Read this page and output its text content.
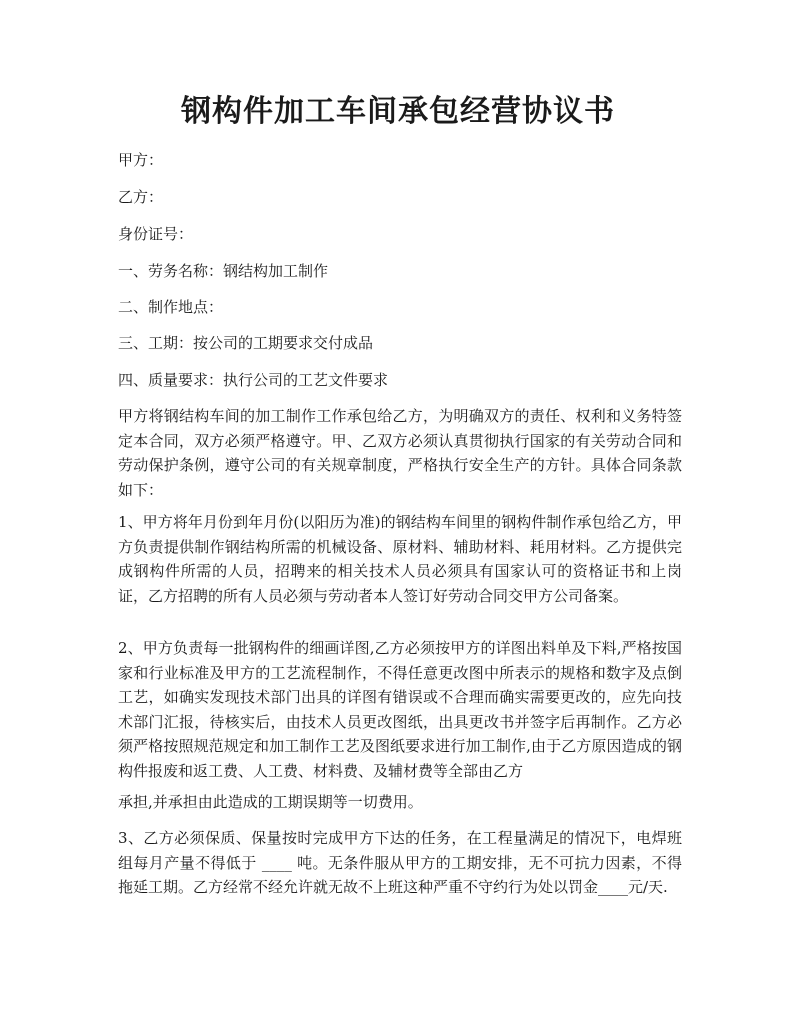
钢构件加工车间承包经营协议书

甲方：

乙方：

身份证号：

一、劳务名称：钢结构加工制作

二、制作地点：

三、工期：按公司的工期要求交付成品

四、质量要求：执行公司的工艺文件要求

甲方将钢结构车间的加工制作工作承包给乙方，为明确双方的责任、权利和义务特签定本合同，双方必须严格遵守。甲、乙双方必须认真贯彻执行国家的有关劳动合同和劳动保护条例，遵守公司的有关规章制度，严格执行安全生产的方针。具体合同条款如下：

1、甲方将年月份到年月份(以阳历为准)的钢结构车间里的钢构件制作承包给乙方，甲方负责提供制作钢结构所需的机械设备、原材料、辅助材料、耗用材料。乙方提供完成钢构件所需的人员，招聘来的相关技术人员必须具有国家认可的资格证书和上岗证，乙方招聘的所有人员必须与劳动者本人签订好劳动合同交甲方公司备案。

2、甲方负责每一批钢构件的细画详图,乙方必须按甲方的详图出料单及下料,严格按国家和行业标准及甲方的工艺流程制作，不得任意更改图中所表示的规格和数字及点倒工艺，如确实发现技术部门出具的详图有错误或不合理而确实需要更改的，应先向技术部门汇报，待核实后，由技术人员更改图纸，出具更改书并签字后再制作。乙方必须严格按照规范规定和加工制作工艺及图纸要求进行加工制作,由于乙方原因造成的钢构件报废和返工费、人工费、材料费、及辅材费等全部由乙方

承担,并承担由此造成的工期误期等一切费用。

3、乙方必须保质、保量按时完成甲方下达的任务，在工程量满足的情况下，电焊班组每月产量不得低于 ____ 吨。无条件服从甲方的工期安排，无不可抗力因素，不得拖延工期。乙方经常不经允许就无故不上班这种严重不守约行为处以罚金____元/天.
